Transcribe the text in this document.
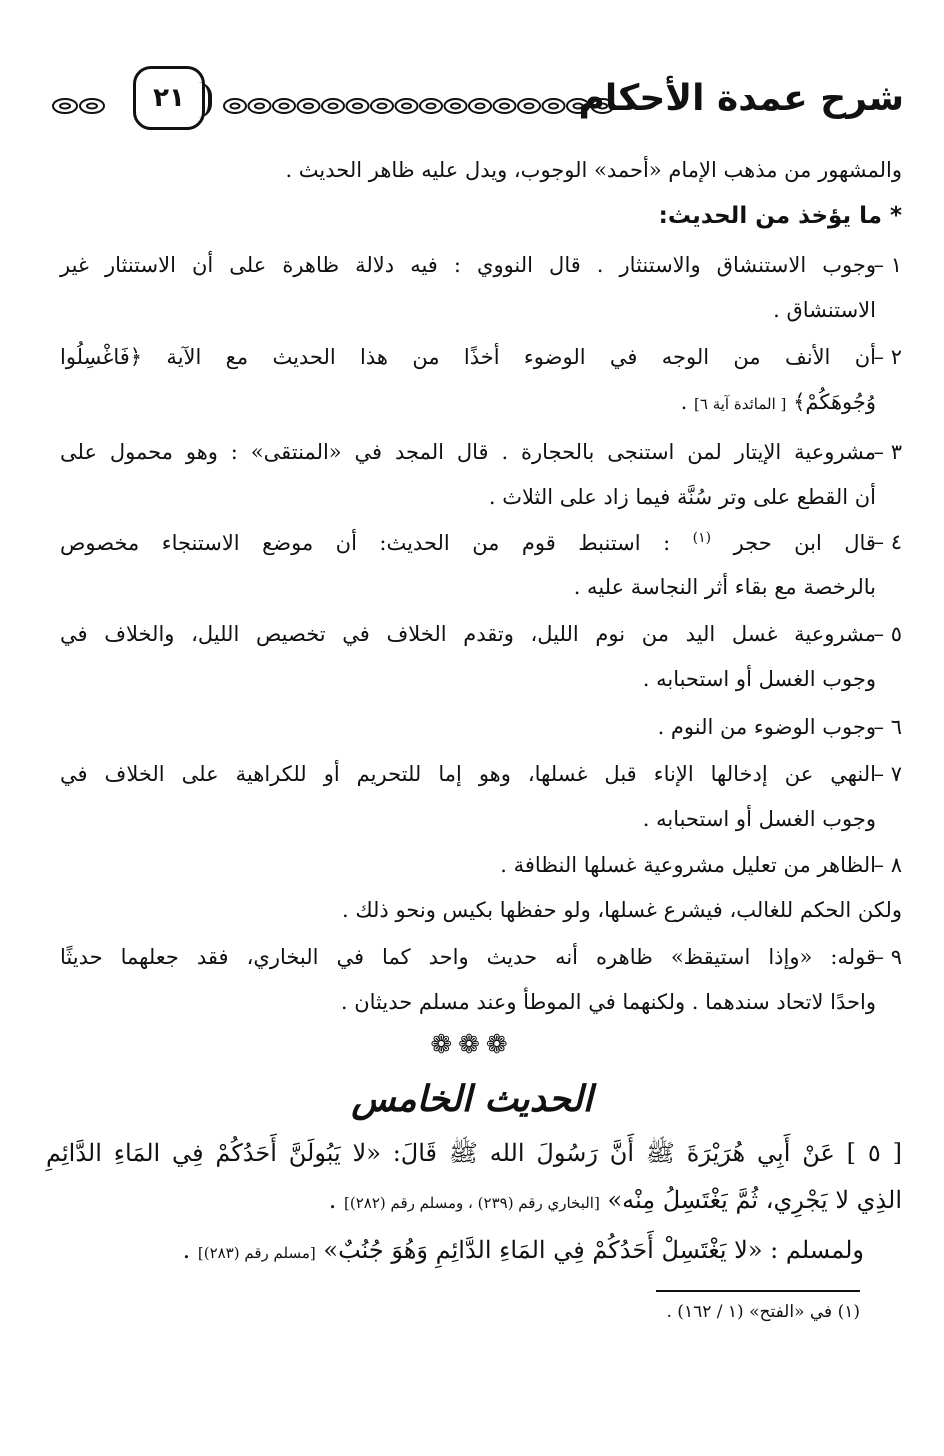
٢١	شرح عمدة الأحكام
والمشهور من مذهب الإمام «أحمد» الوجوب، ويدل عليه ظاهر الحديث .
* ما يؤخذ من الحديث:
١ –
وجوب الاستنشاق والاستنثار . قال النووي : فيه دلالة ظاهرة على أن الاستنثار غير
الاستنشاق .
٢ –
أن الأنف من الوجه في الوضوء أخذًا من هذا الحديث مع الآية ﴿فَاغْسِلُوا
وُجُوهَكُمْ﴾ [ المائدة آية ٦] .
٣ –
مشروعية الإيتار لمن استنجى بالحجارة . قال المجد في «المنتقى» : وهو محمول على
أن القطع على وتر سُنَّة فيما زاد على الثلاث .
٤ –
قال ابن حجر $^{(١)}$ : استنبط قوم من الحديث: أن موضع الاستنجاء مخصوص
بالرخصة مع بقاء أثر النجاسة عليه .
٥ –
مشروعية غسل اليد من نوم الليل، وتقدم الخلاف في تخصيص الليل، والخلاف في
وجوب الغسل أو استحبابه .
٦ –
وجوب الوضوء من النوم .
٧ –
النهي عن إدخالها الإناء قبل غسلها، وهو إما للتحريم أو للكراهية على الخلاف في
وجوب الغسل أو استحبابه .
٨ –
الظاهر من تعليل مشروعية غسلها النظافة .
ولكن الحكم للغالب، فيشرع غسلها، ولو حفظها بكيس ونحو ذلك .
٩ –
قوله: «وإذا استيقظ» ظاهره أنه حديث واحد كما في البخاري، فقد جعلهما حديثًا
واحدًا لاتحاد سندهما . ولكنهما في الموطأ وعند مسلم حديثان .
❁❁❁
الحديث الخامس
[ ٥ ] عَنْ أَبِي هُرَيْرَةَ ﷺ أَنَّ رَسُولَ الله ﷺ قَالَ: «لا يَبُولَنَّ أَحَدُكُمْ فِي المَاءِ الدَّائِمِ
الذِي لا يَجْرِي، ثُمَّ يَغْتَسِلُ مِنْه» [البخاري رقم (٢٣٩) ، ومسلم رقم (٢٨٢)] .
ولمسلم : «لا يَغْتَسِلْ أَحَدُكُمْ فِي المَاءِ الدَّائِمِ وَهُوَ جُنُبٌ» [مسلم رقم (٢٨٣)] .
(١) في «الفتح» (١ / ١٦٢) .
